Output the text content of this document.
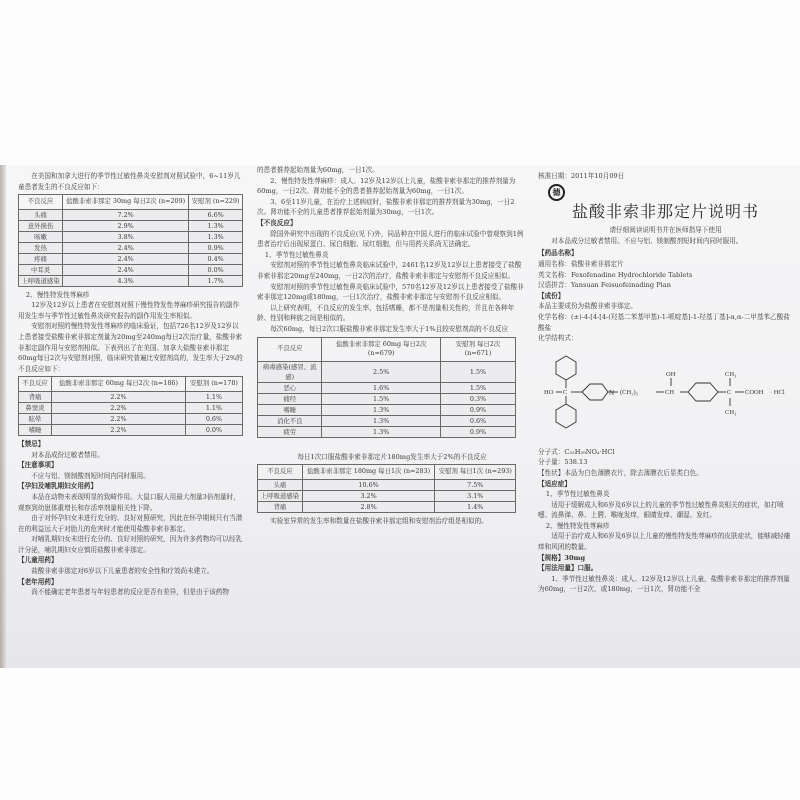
在美国和加拿大进行的季节性过敏性鼻炎安慰剂对照试验中，6~11岁儿童患者发生的不良反应如下：

不良反应	盐酸非索非那定 30mg 每日2次 (n=209)	安慰剂 (n=229)
头痛	7.2%	6.6%
意外损伤	2.9%	1.3%
咳嗽	3.8%	1.3%
发热	2.4%	0.9%
疼痛	2.4%	0.4%
中耳炎	2.4%	0.0%
上呼吸道感染	4.3%	1.7%

2、慢性特发性荨麻疹

12岁及12岁以上患者在安慰剂对照下慢性特发性荨麻疹研究报告的副作用发生率与季节性过敏性鼻炎研究报告的副作用发生率相似。

安慰剂对照的慢性特发性荨麻疹的临床验证，包括726名12岁及12岁以上患者接受盐酸非索非那定剂量为20mg至240mg每日2次治疗量，盐酸非索非那定副作用与安慰剂相似。下表列出了在美国、加拿大盐酸非索非那定60mg每日2次与安慰剂对照，临床研究普遍比安慰剂高的，发生率大于2%的不良反应如下：

不良反应	盐酸非索非那定 60mg 每日2次 (n=186)	安慰剂 (n=178)
背痛	2.2%	1.1%
鼻窦炎	2.2%	1.1%
眩晕	2.2%	0.6%
嗜睡	2.2%	0.0%

【禁忌】

对本品成份过敏者禁用。

【注意事项】

不应与铝、镁制酸剂短时间内同时服用。

【孕妇及哺乳期妇女用药】

本品在动物未表现明显的致畸作用。大鼠口服人用最大剂量3倍剂量时，观察到幼崽体重增长和存活率剂量相关性下降。

由于对怀孕妇女未进行充分的、良好对照研究，因此在怀孕期间只有当潜在的利益远大于对胎儿的危害时才能使用盐酸非索非那定。

对哺乳期妇女未进行充分的、良好对照的研究，因为许多药物均可以经乳汁分泌，哺乳期妇女应慎用盐酸非索非那定。

【儿童用药】

盐酸非索非那定对6岁以下儿童患者的安全性和疗效尚未建立。

【老年用药】

尚不能确定老年患者与年轻患者的反应是否有差异，但是由于该药物

的患者推荐起始剂量为60mg，一日1次。

2、慢性特发性荨麻疹：成人、12岁及12岁以上儿童，盐酸非索非那定的推荐剂量为60mg，一日2次。肾功能不全的患者推荐起始剂量为60mg，一日1次。

3、6至11岁儿童，在治疗上述病症时，盐酸非索非那定的推荐剂量为30mg，一日2次。肾功能不全的儿童患者推荐起始剂量为30mg，一日1次。

【不良反应】

除国外研究中出现的不良反应(见下)外，同品种在中国人进行的临床试验中曾观察到1例患者治疗后出现尿蛋白、尿白细胞、尿红细胞，但与用药关系尚无法确定。

1、季节性过敏性鼻炎

安慰剂对照的季节性过敏性鼻炎临床试验中，2461名12岁及12岁以上患者接受了盐酸非索非那定20mg至240mg，一日2次的治疗，盐酸非索非那定与安慰剂不良反应相似。

安慰剂对照的季节性过敏性鼻炎临床试验中，570名12岁及12岁以上患者接受了盐酸非索非那定120mg或180mg，一日1次治疗，盐酸非索非那定与安慰剂不良反应相似。

以上研究表明，不良反应的发生率，包括嗜睡，都不是剂量相关性的，并且在各种年龄、性别和种族之间是相似的。

每次60mg，每日2次口服盐酸非索非那定发生率大于1%且较安慰剂高的不良反应

不良反应	盐酸非索非那定 60mg 每日2次 (n=679)	安慰剂 每日2次 (n=671)
病毒感染(感冒、流感)	2.5%	1.5%
恶心	1.6%	1.5%
痛经	1.5%	0.3%
嗜睡	1.3%	0.9%
消化不良	1.3%	0.6%
疲劳	1.3%	0.9%

每日1次口服盐酸非索非那定片180mg发生率大于2%的不良反应

不良反应	盐酸非索非那定 180mg 每日1次 (n=283)	安慰剂 每日1次 (n=293)
头痛	10.6%	7.5%
上呼吸道感染	3.2%	3.1%
背痛	2.8%	1.4%

实验室异常的发生率和数量在盐酸非索非那定组和安慰剂治疗组是相似的。

核准日期：2011年10月09日

德
盐酸非索非那定片说明书

请仔细阅读说明书并在医师指导下使用

对本品成分过敏者禁用。不应与铝、镁制酸剂短时间内同时服用。

【药品名称】

通用名称：盐酸非索非那定片

英文名称：Fexofenadine Hydrochloride Tablets

汉语拼音：Yansuan Feisuofeinading Pian

【成份】

本品主要成份为盐酸非索非那定。

化学名称：(±)-4-[4-[4-(羟基二苯基甲基)-1-哌啶基]-1-羟基丁基]-α,α-二甲基苯乙酸盐酸盐

化学结构式：

HO C	N (CH₂)₃	CH
OH
C
CH₃
CH₃
COOH · HCl

分子式：C₃₂H₃₉NO₄·HCl

分子量：538.13

【性状】本品为白色薄膜衣片，除去薄膜衣后显类白色。

【适应症】

1、季节性过敏性鼻炎

适用于缓解成人和6岁及6岁以上的儿童的季节性过敏性鼻炎相关的症状，如打喷嚏、流鼻涕、鼻、上腭、喉咙发痒，眼睛发痒、潮湿、发红。

2、慢性特发性荨麻疹

适用于治疗成人和6岁及6岁以上儿童的慢性特发性荨麻疹的皮肤症状，能够减轻瘙痒和风团的数量。

【规格】30mg

【用法用量】口服。

1、季节性过敏性鼻炎：成人、12岁及12岁以上儿童，盐酸非索非那定的推荐剂量为60mg，一日2次，或180mg，一日1次，肾功能不全
